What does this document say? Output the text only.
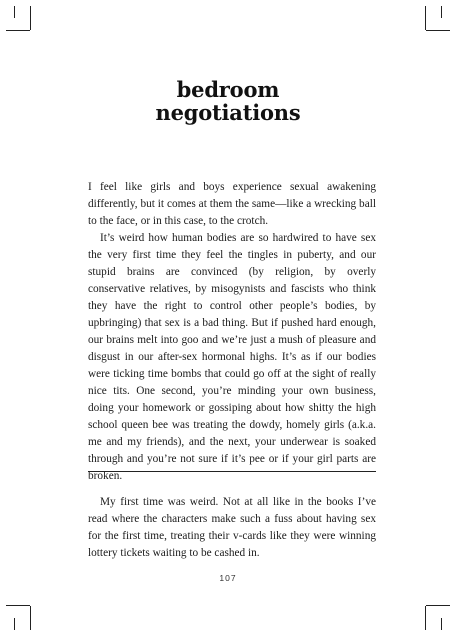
bedroom
negotiations

I feel like girls and boys experience sexual awakening differently, but it comes at them the same—like a wrecking ball to the face, or in this case, to the crotch.

It’s weird how human bodies are so hardwired to have sex the very first time they feel the tingles in puberty, and our stupid brains are convinced (by religion, by overly conservative relatives, by misogynists and fascists who think they have the right to control other people’s bodies, by upbringing) that sex is a bad thing. But if pushed hard enough, our brains melt into goo and we’re just a mush of pleasure and disgust in our after-sex hormonal highs. It’s as if our bodies were ticking time bombs that could go off at the sight of really nice tits. One second, you’re minding your own business, doing your homework or gossiping about how shitty the high school queen bee was treating the dowdy, homely girls (a.k.a. me and my friends), and the next, your underwear is soaked through and you’re not sure if it’s pee or if your girl parts are broken.

My first time was weird. Not at all like in the books I’ve read where the characters make such a fuss about having sex for the first time, treating their v-cards like they were winning lottery tickets waiting to be cashed in.

107
